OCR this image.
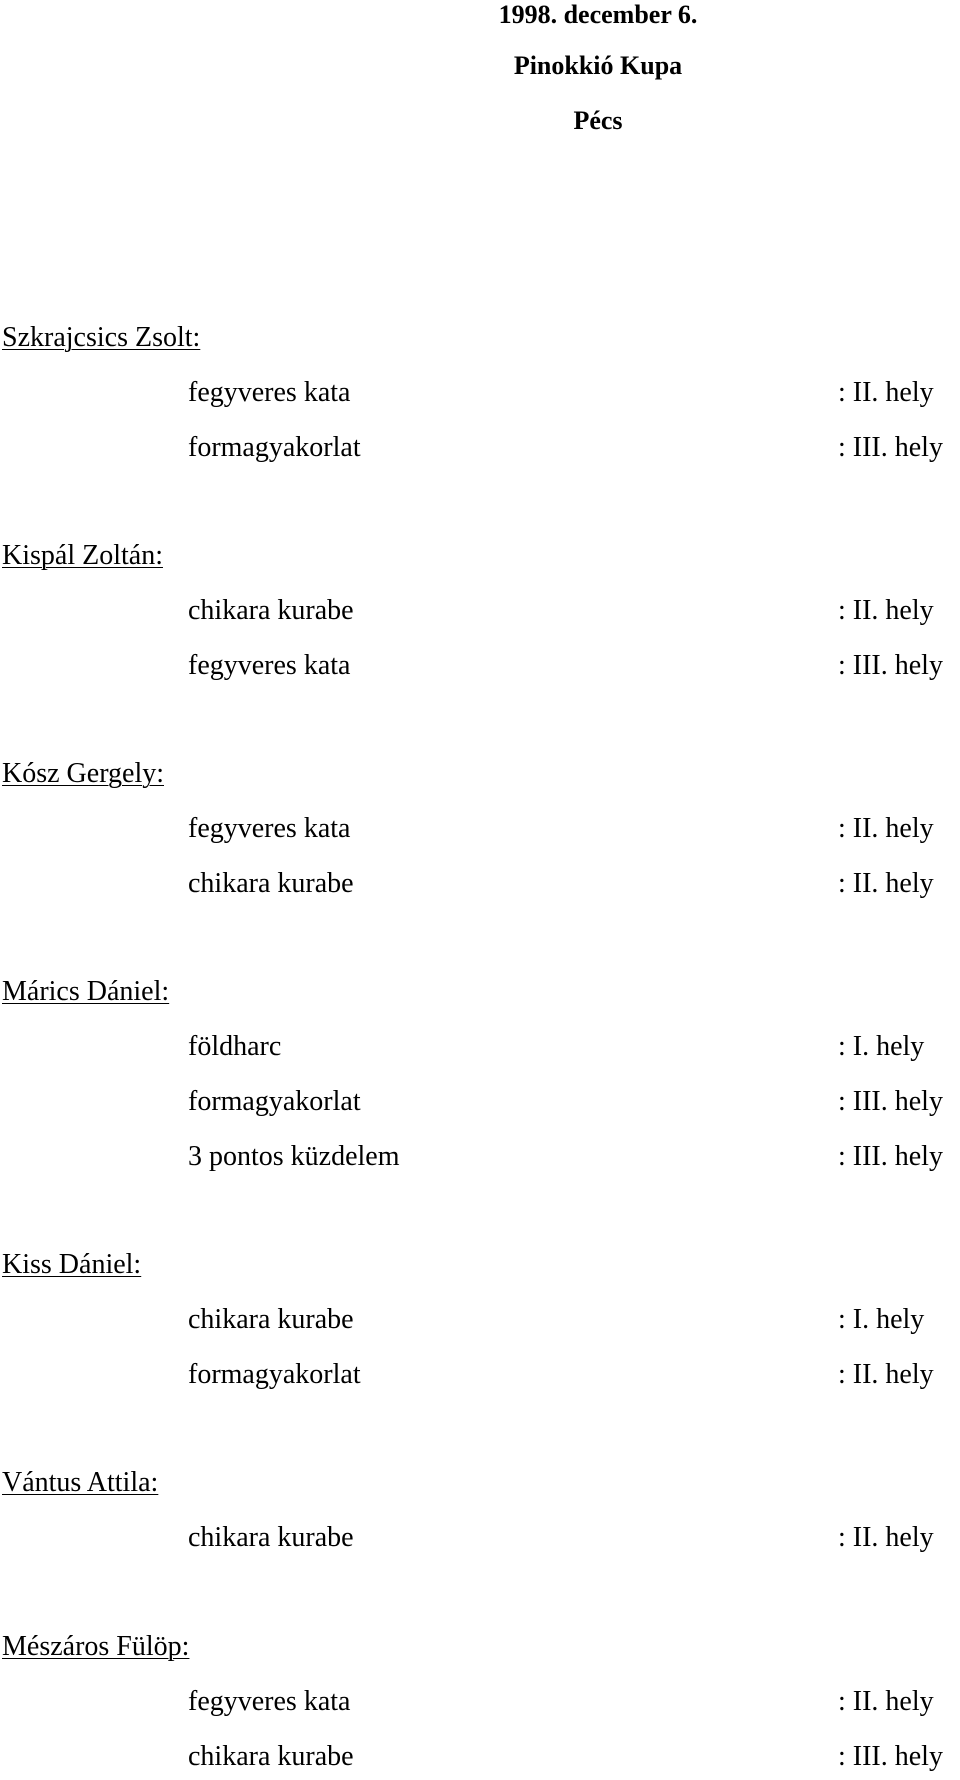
1998. december 6.
Pinokkió Kupa
Pécs
Szkrajcsics Zsolt:
fegyveres kata	: II. hely
formagyakorlat	: III. hely
Kispál Zoltán:
chikara kurabe	: II. hely
fegyveres kata	: III. hely
Kósz Gergely:
fegyveres kata	: II. hely
chikara kurabe	: II. hely
Márics Dániel:
földharc	: I. hely
formagyakorlat	: III. hely
3 pontos küzdelem	: III. hely
Kiss Dániel:
chikara kurabe	: I. hely
formagyakorlat	: II. hely
Vántus Attila:
chikara kurabe	: II. hely
Mészáros Fülöp:
fegyveres kata	: II. hely
chikara kurabe	: III. hely
